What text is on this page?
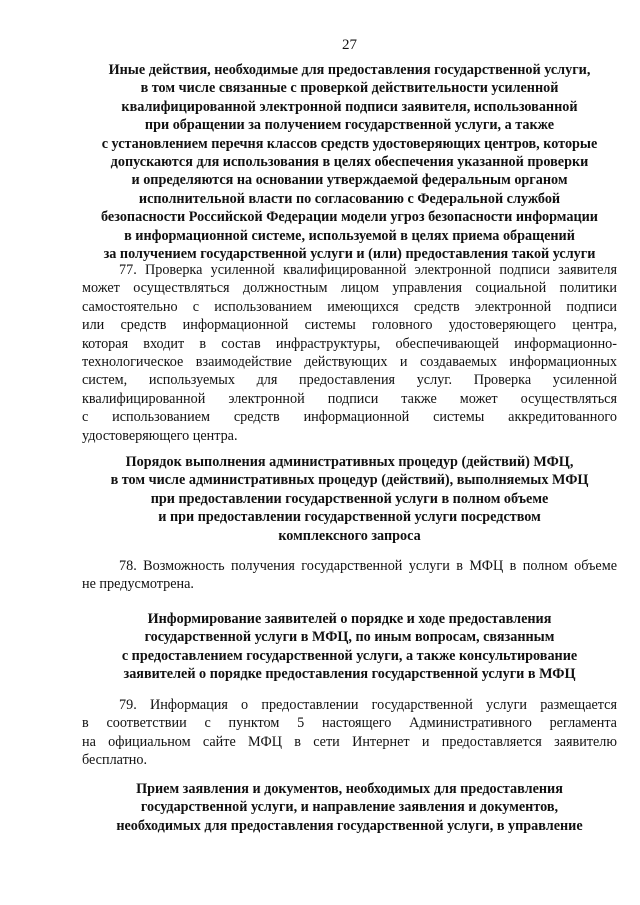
27
Иные действия, необходимые для предоставления государственной услуги,
в том числе связанные с проверкой действительности усиленной
квалифицированной электронной подписи заявителя, использованной
при обращении за получением государственной услуги, а также
с установлением перечня классов средств удостоверяющих центров, которые
допускаются для использования в целях обеспечения указанной проверки
и определяются на основании утверждаемой федеральным органом
исполнительной власти по согласованию с Федеральной службой
безопасности Российской Федерации модели угроз безопасности информации
в информационной системе, используемой в целях приема обращений
за получением государственной услуги и (или) предоставления такой услуги
77. Проверка усиленной квалифицированной электронной подписи заявителя
может осуществляться должностным лицом управления социальной политики
самостоятельно с использованием имеющихся средств электронной подписи
или средств информационной системы головного удостоверяющего центра,
которая входит в состав инфраструктуры, обеспечивающей информационно-
технологическое взаимодействие действующих и создаваемых информационных
систем, используемых для предоставления услуг. Проверка усиленной
квалифицированной электронной подписи также может осуществляться
с использованием средств информационной системы аккредитованного
удостоверяющего центра.
Порядок выполнения административных процедур (действий) МФЦ,
в том числе административных процедур (действий), выполняемых МФЦ
при предоставлении государственной услуги в полном объеме
и при предоставлении государственной услуги посредством
комплексного запроса
78. Возможность получения государственной услуги в МФЦ в полном объеме
не предусмотрена.
Информирование заявителей о порядке и ходе предоставления
государственной услуги в МФЦ, по иным вопросам, связанным
с предоставлением государственной услуги, а также консультирование
заявителей о порядке предоставления государственной услуги в МФЦ
79. Информация о предоставлении государственной услуги размещается
в соответствии с пунктом 5 настоящего Административного регламента
на официальном сайте МФЦ в сети Интернет и предоставляется заявителю
бесплатно.
Прием заявления и документов, необходимых для предоставления
государственной услуги, и направление заявления и документов,
необходимых для предоставления государственной услуги, в управление
